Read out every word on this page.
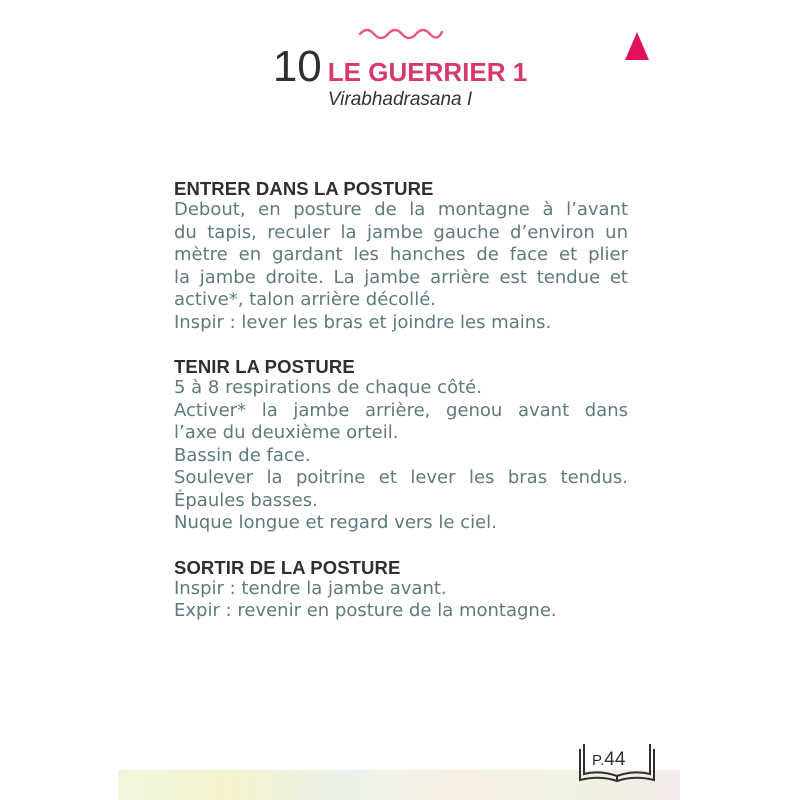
10 LE GUERRIER 1
Virabhadrasana I
ENTRER DANS LA POSTURE
Debout, en posture de la montagne à l’avant
du tapis, reculer la jambe gauche d’environ un
mètre en gardant les hanches de face et plier
la jambe droite. La jambe arrière est tendue et
active*, talon arrière décollé.
Inspir : lever les bras et joindre les mains.
TENIR LA POSTURE
5 à 8 respirations de chaque côté.
Activer* la jambe arrière, genou avant dans
l’axe du deuxième orteil.
Bassin de face.
Soulever la poitrine et lever les bras tendus.
Épaules basses.
Nuque longue et regard vers le ciel.
SORTIR DE LA POSTURE
Inspir : tendre la jambe avant.
Expir : revenir en posture de la montagne.
P.44
